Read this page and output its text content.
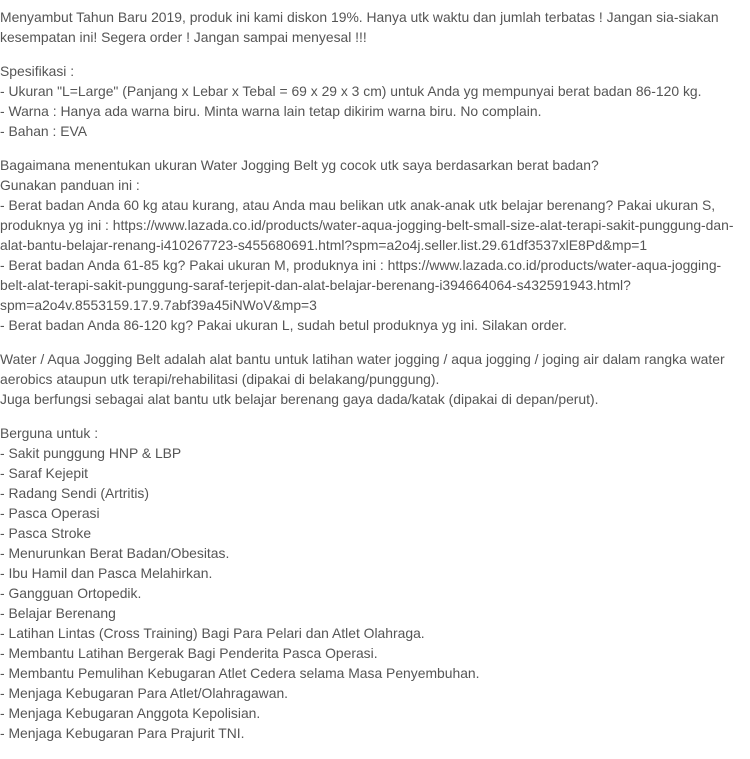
Menyambut Tahun Baru 2019, produk ini kami diskon 19%. Hanya utk waktu dan jumlah terbatas ! Jangan sia-siakan
kesempatan ini! Segera order ! Jangan sampai menyesal !!!

Spesifikasi :
- Ukuran "L=Large" (Panjang x Lebar x Tebal = 69 x 29 x 3 cm) untuk Anda yg mempunyai berat badan 86-120 kg.
- Warna : Hanya ada warna biru. Minta warna lain tetap dikirim warna biru. No complain.
- Bahan : EVA

Bagaimana menentukan ukuran Water Jogging Belt yg cocok utk saya berdasarkan berat badan?
Gunakan panduan ini :
- Berat badan Anda 60 kg atau kurang, atau Anda mau belikan utk anak-anak utk belajar berenang? Pakai ukuran S,
produknya yg ini : https://www.lazada.co.id/products/water-aqua-jogging-belt-small-size-alat-terapi-sakit-punggung-dan-
alat-bantu-belajar-renang-i410267723-s455680691.html?spm=a2o4j.seller.list.29.61df3537xlE8Pd&mp=1
- Berat badan Anda 61-85 kg? Pakai ukuran M, produknya ini : https://www.lazada.co.id/products/water-aqua-jogging-
belt-alat-terapi-sakit-punggung-saraf-terjepit-dan-alat-belajar-berenang-i394664064-s432591943.html?
spm=a2o4v.8553159.17.9.7abf39a45iNWoV&mp=3
- Berat badan Anda 86-120 kg? Pakai ukuran L, sudah betul produknya yg ini. Silakan order.

Water / Aqua Jogging Belt adalah alat bantu untuk latihan water jogging / aqua jogging / joging air dalam rangka water
aerobics ataupun utk terapi/rehabilitasi (dipakai di belakang/punggung).
Juga berfungsi sebagai alat bantu utk belajar berenang gaya dada/katak (dipakai di depan/perut).

Berguna untuk :
- Sakit punggung HNP & LBP
- Saraf Kejepit
- Radang Sendi (Artritis)
- Pasca Operasi
- Pasca Stroke
- Menurunkan Berat Badan/Obesitas.
- Ibu Hamil dan Pasca Melahirkan.
- Gangguan Ortopedik.
- Belajar Berenang
- Latihan Lintas (Cross Training) Bagi Para Pelari dan Atlet Olahraga.
- Membantu Latihan Bergerak Bagi Penderita Pasca Operasi.
- Membantu Pemulihan Kebugaran Atlet Cedera selama Masa Penyembuhan.
- Menjaga Kebugaran Para Atlet/Olahragawan.
- Menjaga Kebugaran Anggota Kepolisian.
- Menjaga Kebugaran Para Prajurit TNI.
